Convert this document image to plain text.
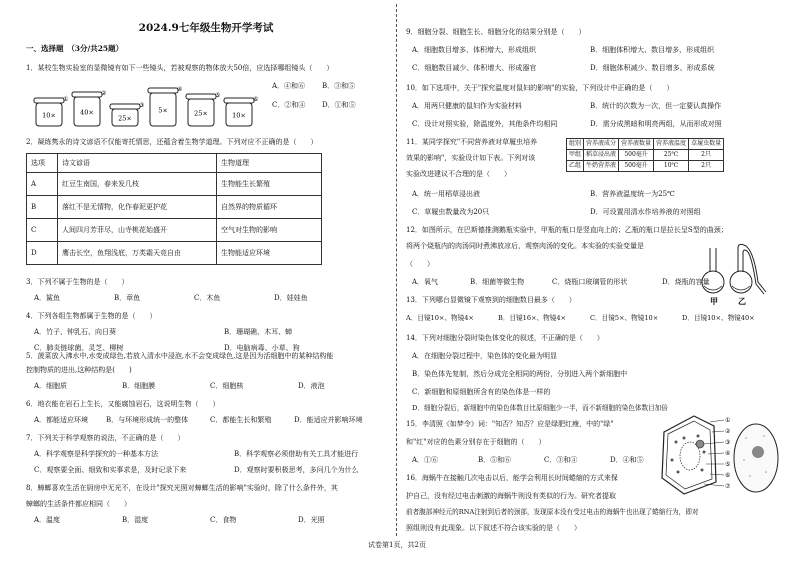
2024.9七年级生物开学考试
一、选择题　（3分/共25题）
1．某校生物实验室的显微镜有如下一些镜头，若被观察的物体放大50倍，应选择哪组镜头（　　）
10×
①
40×
②
25×
③
5×
④
25×
⑤
10×
⑥
A．④和⑥	B．③和⑤
C．②和④	D．①和⑤
2．凝练隽永的诗文谚语不仅能寄托情思，还蕴含着生物学道理。下列对应不正确的是（　　）
选项	诗文谚语	生物道理
A	红豆生南国，春来发几枝	生物能生长繁殖
B	落红不是无情物，化作春泥更护花	自然界的物质循环
C	人间四月芳菲尽，山寺桃花始盛开	空气对生物的影响
D	鹰击长空，鱼翔浅底，万类霜天竞自由	生物能适应环境
3．下列不属于生物的是（　　）
A．鲨鱼	B．章鱼	C．木鱼	D．娃娃鱼
4．下列各组生物都属于生物的是（　　）
A．竹子、钟乳石、向日葵	B．珊瑚礁、木耳、蝉
C．肺炎链球菌、灵芝、柳树	D．电脑病毒、小草、狗
5．菠菜放入沸水中,水变成绿色,若放入清水中浸泡,水不会变成绿色,这是因为活细胞中的某种结构能
控制物质的进出,这种结构是(　　)
A．细胞质	B．细胞膜	C．细胞核	D．液泡
6．地衣能在岩石上生长，又能腐蚀岩石，这说明生物（　　）
A．都能适应环境	B．与环境形成统一的整体	C．都能生长和繁殖	D．能适应并影响环境
7．下列关于科学观察的说法，不正确的是（　　）
A．科学观察是科学探究的一种基本方法	B．科学观察必须借助有关工具才能进行
C．观察要全面、细致和实事求是，及时记录下来	D．观察时要积极思考，多问几个为什么
8．蟑螂喜欢生活在厨房中无光不，在设计"探究光照对蟑螂生活的影响"实验时，除了什么条件外，其
蟑螂的生活条件都应相同（　　）
A．温度	B．湿度	C．食物	D．光照
9．细胞分裂、细胞生长、细胞分化的结果分别是（　　）
A．细胞数目增多、体积增大、形成组织	B．细胞体积增大、数目增多、形成组织
C．细胞数目减少、体积增大、形成器官	D．细胞体积减少、数目增多、形成系统
10．如下选项中，关于"探究温度对鼠妇的影响"的实验，下列设计中正确的是（　　）
A．用两只健康的鼠妇作为实验材料	B．统计的次数为一次，但一定要认真操作
C．设计对照实验，除温度外，其他条件均相同	D．需分成黑暗和明亮两组，从而形成对照
11．某同学探究"不同营养液对草履虫培养
效果的影响"，实验设计如下表。下列对该
实验改进建议不合理的是（　　）
组别	营养液成分	营养液数量	营养液温度	草履虫数量
甲组	稻草浸出液	500毫升	25℃	2只
乙组	牛奶营养液	500毫升	10℃	2只
A．统一用稻草浸出液	B．营养液温度统一为25℃
C．草履虫数量改为20只	D．可设置用清水作培养液的对照组
12．如图所示，在巴斯德推测鹅瓶实验中，甲瓶的瓶口是竖直向上的；乙瓶的瓶口是拉长呈S型的曲颈；
将两个烧瓶内的肉汤同时煮沸放凉后，观察肉汤的变化。本实验的实验变量是
（　　）
甲	乙
A．氧气	B．细菌等微生物	C．烧瓶口玻璃管的形状	D．烧瓶的容量
13．下列哪台显微镜下观察到的细胞数目最多（　　）
A．目镜10×、物镜4×	B．目镜16×、物镜4×	C．目镜5×、物镜10×	D．目镜10×、物镜40×
14．下列对细胞分裂时染色体变化的叙述，不正确的是（　　）
A．在细胞分裂过程中，染色体的变化最为明显
B．染色体先复制，然后分成完全相同的两份，分别进入两个新细胞中
C．新细胞和原细胞所含有的染色体是一样的
D．细胞分裂后，新细胞中的染色体数目比原细胞少一半，而不新细胞的染色体数目加倍
15．李清照《如梦令》词："知否？知否？应是绿肥红瘦，中的"绿"
和"红"对应的色素分别存在于细胞的（　　）
A．①⑥	B．⑤和⑥	C．③和④	D．④和⑤
①
②
③
④
⑤
⑥
⑦
16．海蜗牛在接触几次电击以后，能学会利用长时间蜷缩的方式来保
护自己，没有经过电击刺激的海蜗牛则没有类似的行为。研究者提取
前者腹部神经元的RNA注射到后者的颈部，发现原本没有受过电击的海蜗牛也出现了蜷缩行为，即对
照组则没有此现象。以下叙述不符合该实验的是（　　）
试卷第1页，共2页
